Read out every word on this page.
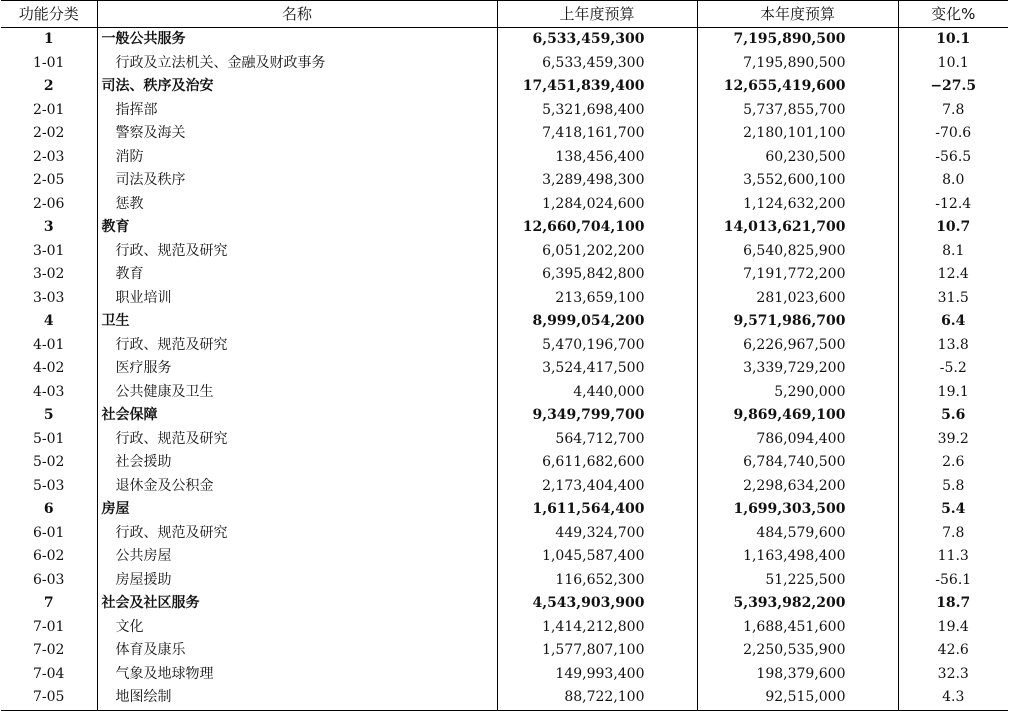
功能分类	名称	上年度预算	本年度预算	变化%
1	一般公共服务	6,533,459,300	7,195,890,500	10.1
1-01	行政及立法机关、金融及财政事务	6,533,459,300	7,195,890,500	10.1
2	司法、秩序及治安	17,451,839,400	12,655,419,600	−27.5
2-01	指挥部	5,321,698,400	5,737,855,700	7.8
2-02	警察及海关	7,418,161,700	2,180,101,100	-70.6
2-03	消防	138,456,400	60,230,500	-56.5
2-05	司法及秩序	3,289,498,300	3,552,600,100	8.0
2-06	惩教	1,284,024,600	1,124,632,200	-12.4
3	教育	12,660,704,100	14,013,621,700	10.7
3-01	行政、规范及研究	6,051,202,200	6,540,825,900	8.1
3-02	教育	6,395,842,800	7,191,772,200	12.4
3-03	职业培训	213,659,100	281,023,600	31.5
4	卫生	8,999,054,200	9,571,986,700	6.4
4-01	行政、规范及研究	5,470,196,700	6,226,967,500	13.8
4-02	医疗服务	3,524,417,500	3,339,729,200	-5.2
4-03	公共健康及卫生	4,440,000	5,290,000	19.1
5	社会保障	9,349,799,700	9,869,469,100	5.6
5-01	行政、规范及研究	564,712,700	786,094,400	39.2
5-02	社会援助	6,611,682,600	6,784,740,500	2.6
5-03	退休金及公积金	2,173,404,400	2,298,634,200	5.8
6	房屋	1,611,564,400	1,699,303,500	5.4
6-01	行政、规范及研究	449,324,700	484,579,600	7.8
6-02	公共房屋	1,045,587,400	1,163,498,400	11.3
6-03	房屋援助	116,652,300	51,225,500	-56.1
7	社会及社区服务	4,543,903,900	5,393,982,200	18.7
7-01	文化	1,414,212,800	1,688,451,600	19.4
7-02	体育及康乐	1,577,807,100	2,250,535,900	42.6
7-04	气象及地球物理	149,993,400	198,379,600	32.3
7-05	地图绘制	88,722,100	92,515,000	4.3
